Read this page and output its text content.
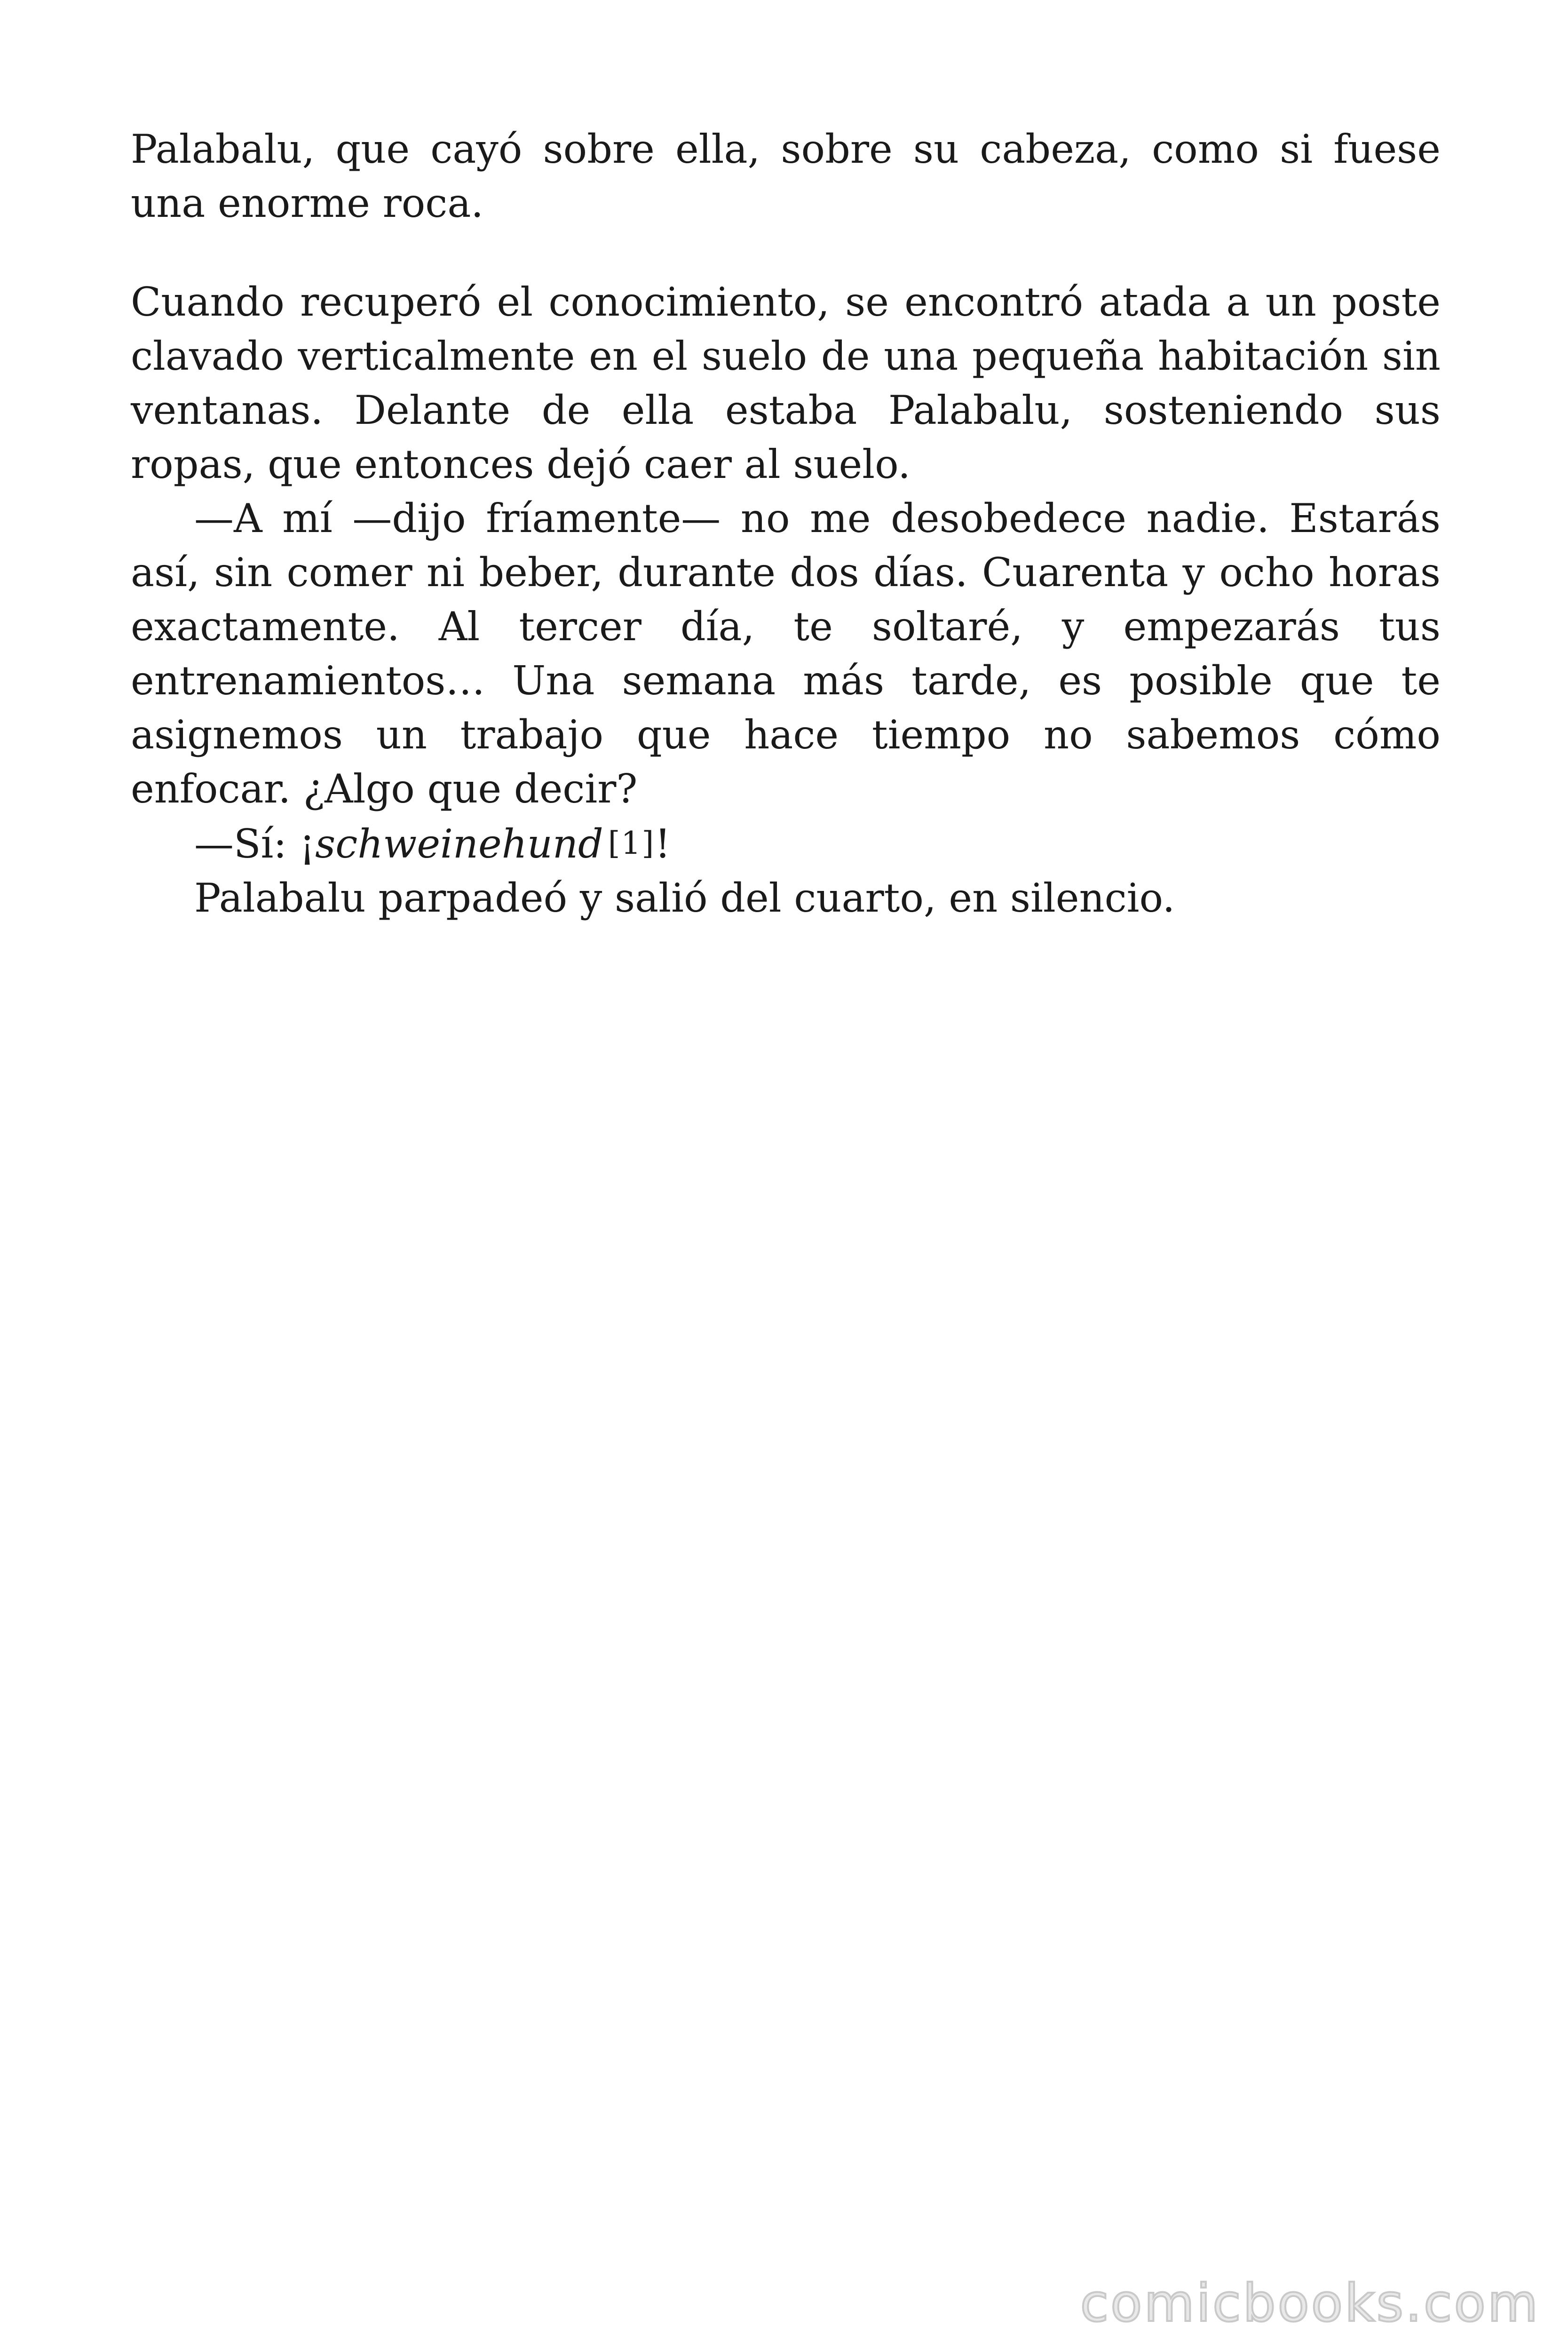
Palabalu, que cayó sobre ella, sobre su cabeza, como si fuese una enorme roca.

Cuando recuperó el conocimiento, se encontró atada a un poste clavado verticalmente en el suelo de una pequeña habitación sin ventanas. Delante de ella estaba Palabalu, sosteniendo sus ropas, que entonces dejó caer al suelo.

—A mí —dijo fríamente— no me desobedece nadie. Estarás así, sin comer ni beber, durante dos días. Cuarenta y ocho horas exactamente. Al tercer día, te soltaré, y empezarás tus entrenamientos… Una semana más tarde, es posible que te asignemos un trabajo que hace tiempo no sabemos cómo enfocar. ¿Algo que decir?

—Sí: ¡schweinehund [1]!

Palabalu parpadeó y salió del cuarto, en silencio.

comicbooks.com
